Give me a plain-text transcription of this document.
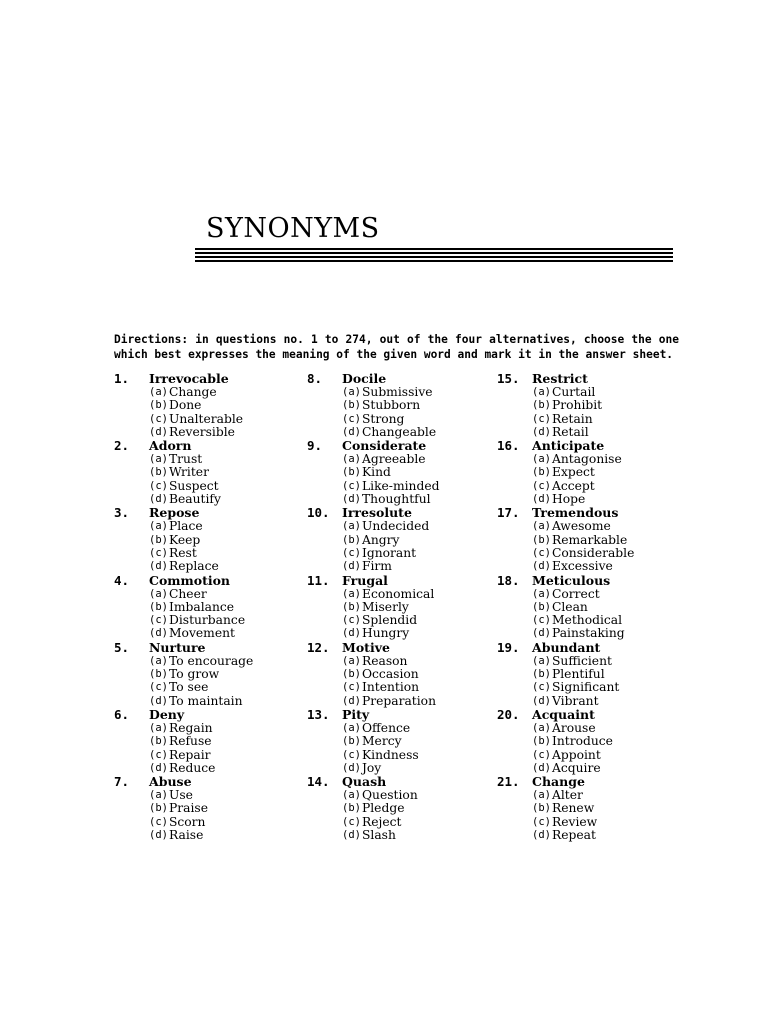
SYNONYMS
Directions: in questions no. 1 to 274, out of the four alternatives, choose the one which best expresses the meaning of the given word and mark it in the answer sheet.
1.	Irrevocable
(a) Change
(b) Done
(c) Unalterable
(d) Reversible
2.	Adorn
(a) Trust
(b) Writer
(c) Suspect
(d) Beautify
3.	Repose
(a) Place
(b) Keep
(c) Rest
(d) Replace
4.	Commotion
(a) Cheer
(b) Imbalance
(c) Disturbance
(d) Movement
5.	Nurture
(a) To encourage
(b) To grow
(c) To see
(d) To maintain
6.	Deny
(a) Regain
(b) Refuse
(c) Repair
(d) Reduce
7.	Abuse
(a) Use
(b) Praise
(c) Scorn
(d) Raise
8.	Docile
(a) Submissive
(b) Stubborn
(c) Strong
(d) Changeable
9.	Considerate
(a) Agreeable
(b) Kind
(c) Like-minded
(d) Thoughtful
10. Irresolute
(a) Undecided
(b) Angry
(c) Ignorant
(d) Firm
11. Frugal
(a) Economical
(b) Miserly
(c) Splendid
(d) Hungry
12. Motive
(a) Reason
(b) Occasion
(c) Intention
(d) Preparation
13. Pity
(a) Offence
(b) Mercy
(c) Kindness
(d) Joy
14. Quash
(a) Question
(b) Pledge
(c) Reject
(d) Slash
15. Restrict
(a) Curtail
(b) Prohibit
(c) Retain
(d) Retail
16. Anticipate
(a) Antagonise
(b) Expect
(c) Accept
(d) Hope
17. Tremendous
(a) Awesome
(b) Remarkable
(c) Considerable
(d) Excessive
18. Meticulous
(a) Correct
(b) Clean
(c) Methodical
(d) Painstaking
19. Abundant
(a) Sufficient
(b) Plentiful
(c) Significant
(d) Vibrant
20. Acquaint
(a) Arouse
(b) Introduce
(c) Appoint
(d) Acquire
21. Change
(a) Alter
(b) Renew
(c) Review
(d) Repeat
